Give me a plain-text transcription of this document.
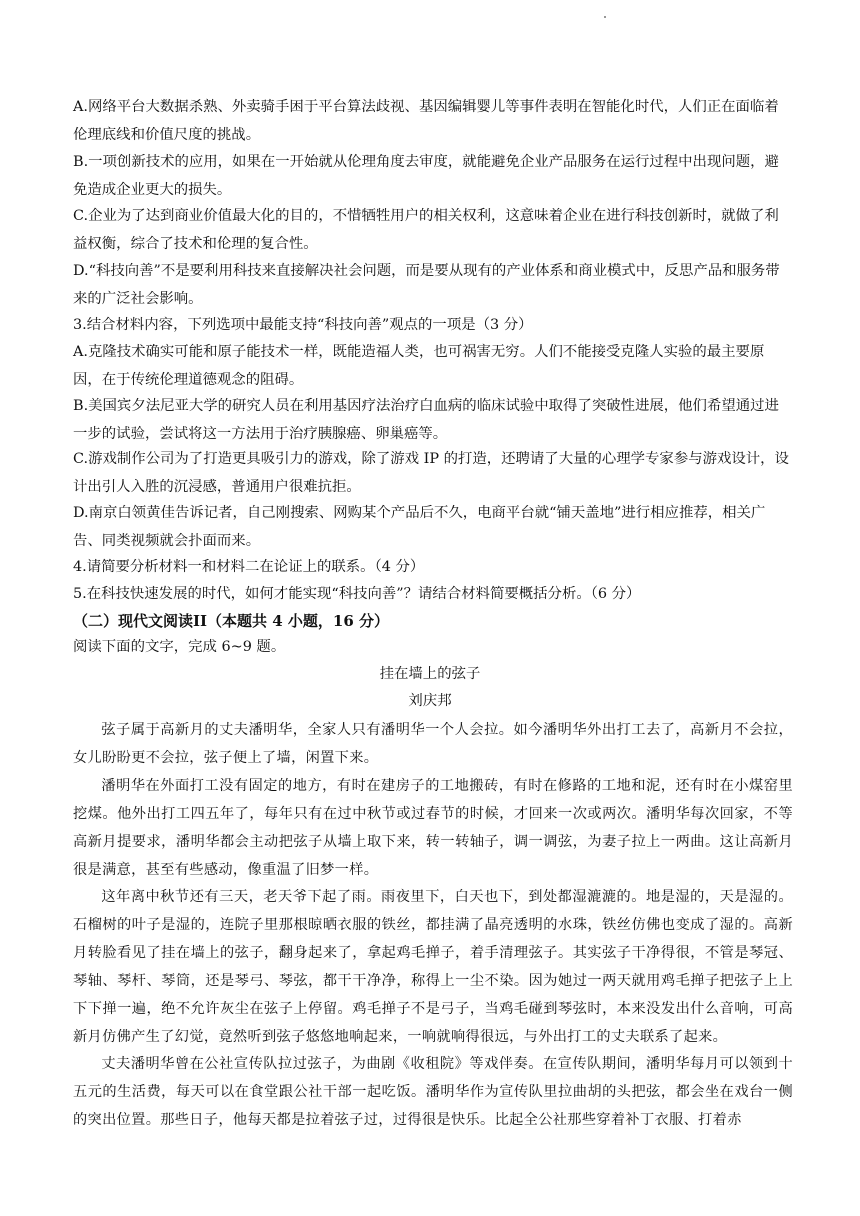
A.网络平台大数据杀熟、外卖骑手困于平台算法歧视、基因编辑婴儿等事件表明在智能化时代，人们正在面临着伦理底线和价值尺度的挑战。

B.一项创新技术的应用，如果在一开始就从伦理角度去审度，就能避免企业产品服务在运行过程中出现问题，避免造成企业更大的损失。

C.企业为了达到商业价值最大化的目的，不惜牺牲用户的相关权利，这意味着企业在进行科技创新时，就做了利益权衡，综合了技术和伦理的复合性。

D.“科技向善”不是要利用科技来直接解决社会问题，而是要从现有的产业体系和商业模式中，反思产品和服务带来的广泛社会影响。

3.结合材料内容，下列选项中最能支持“科技向善”观点的一项是（3 分）

A.克隆技术确实可能和原子能技术一样，既能造福人类，也可祸害无穷。人们不能接受克隆人实验的最主要原因，在于传统伦理道德观念的阻碍。

B.美国宾夕法尼亚大学的研究人员在利用基因疗法治疗白血病的临床试验中取得了突破性进展，他们希望通过进一步的试验，尝试将这一方法用于治疗胰腺癌、卵巢癌等。

C.游戏制作公司为了打造更具吸引力的游戏，除了游戏 IP 的打造，还聘请了大量的心理学专家参与游戏设计，设计出引人入胜的沉浸感，普通用户很难抗拒。

D.南京白领黄佳告诉记者，自己刚搜索、网购某个产品后不久，电商平台就“铺天盖地”进行相应推荐，相关广告、同类视频就会扑面而来。

4.请简要分析材料一和材料二在论证上的联系。（4 分）

5.在科技快速发展的时代，如何才能实现“科技向善”？请结合材料简要概括分析。（6 分）

（二）现代文阅读II（本题共 4 小题，16 分）

阅读下面的文字，完成 6~9 题。

挂在墙上的弦子

刘庆邦

弦子属于高新月的丈夫潘明华，全家人只有潘明华一个人会拉。如今潘明华外出打工去了，高新月不会拉，女儿盼盼更不会拉，弦子便上了墙，闲置下来。

潘明华在外面打工没有固定的地方，有时在建房子的工地搬砖，有时在修路的工地和泥，还有时在小煤窑里挖煤。他外出打工四五年了，每年只有在过中秋节或过春节的时候，才回来一次或两次。潘明华每次回家，不等高新月提要求，潘明华都会主动把弦子从墙上取下来，转一转轴子，调一调弦，为妻子拉上一两曲。这让高新月很是满意，甚至有些感动，像重温了旧梦一样。

这年离中秋节还有三天，老天爷下起了雨。雨夜里下，白天也下，到处都湿漉漉的。地是湿的，天是湿的。石榴树的叶子是湿的，连院子里那根晾晒衣服的铁丝，都挂满了晶亮透明的水珠，铁丝仿佛也变成了湿的。高新月转脸看见了挂在墙上的弦子，翻身起来了，拿起鸡毛掸子，着手清理弦子。其实弦子干净得很，不管是琴冠、琴轴、琴杆、琴筒，还是琴弓、琴弦，都干干净净，称得上一尘不染。因为她过一两天就用鸡毛掸子把弦子上上下下掸一遍，绝不允许灰尘在弦子上停留。鸡毛掸子不是弓子，当鸡毛碰到琴弦时，本来没发出什么音响，可高新月仿佛产生了幻觉，竟然听到弦子悠悠地响起来，一响就响得很远，与外出打工的丈夫联系了起来。

丈夫潘明华曾在公社宣传队拉过弦子，为曲剧《收租院》等戏伴奏。在宣传队期间，潘明华每月可以领到十五元的生活费，每天可以在食堂跟公社干部一起吃饭。潘明华作为宣传队里拉曲胡的头把弦，都会坐在戏台一侧的突出位置。那些日子，他每天都是拉着弦子过，过得很是快乐。比起全公社那些穿着补丁衣服、打着赤
